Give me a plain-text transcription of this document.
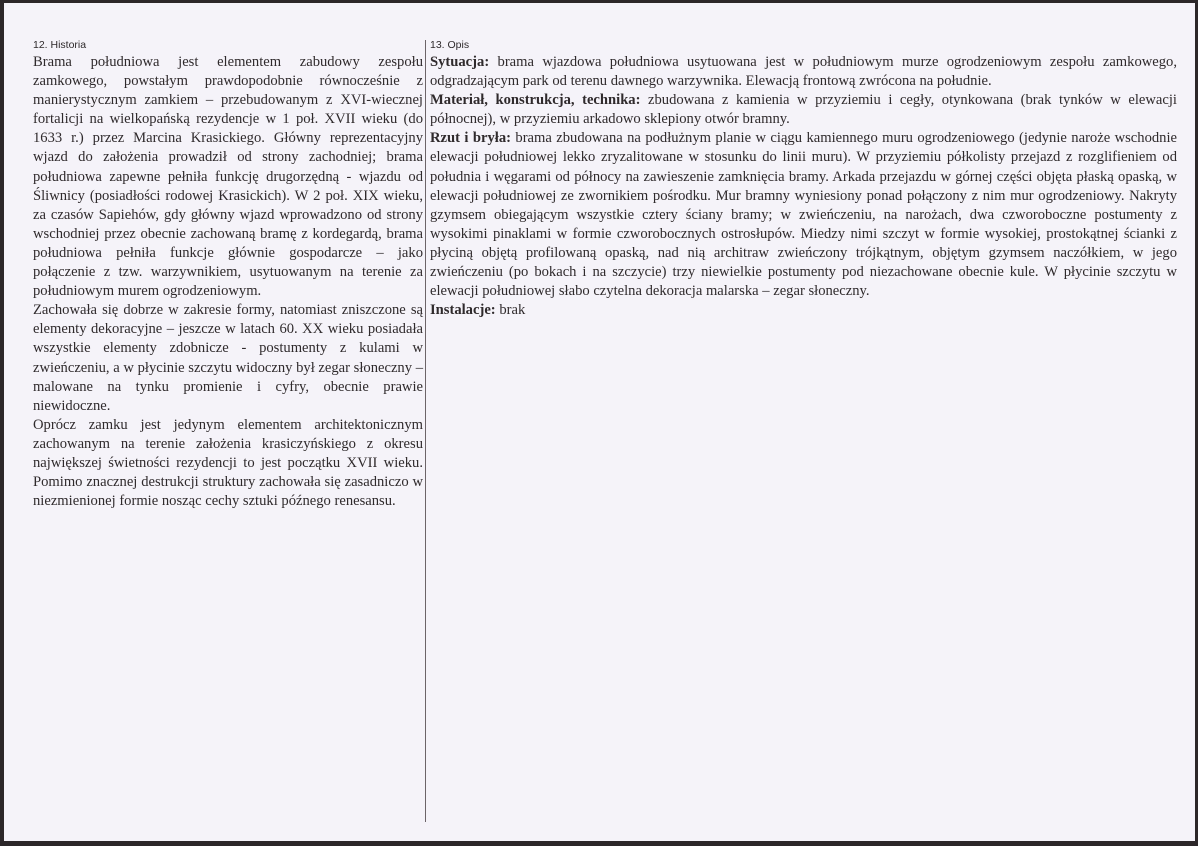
12. Historia

Brama południowa jest elementem zabudowy zespołu zamkowego, powstałym prawdopodobnie równocześnie z manierystycznym zamkiem – przebudowanym z XVI-wiecznej fortalicji na wielkopańską rezydencje w 1 poł. XVII wieku (do 1633 r.) przez Marcina Krasickiego. Główny reprezentacyjny wjazd do założenia prowadził od strony zachodniej; brama południowa zapewne pełniła funkcję drugorzędną - wjazdu od Śliwnicy (posiadłości rodowej Krasickich). W 2 poł. XIX wieku, za czasów Sapiehów, gdy główny wjazd wprowadzono od strony wschodniej przez obecnie zachowaną bramę z kordegardą, brama południowa pełniła funkcje głównie gospodarcze – jako połączenie z tzw. warzywnikiem, usytuowanym na terenie za południowym murem ogrodzeniowym.

Zachowała się dobrze w zakresie formy, natomiast zniszczone są elementy dekoracyjne – jeszcze w latach 60. XX wieku posiadała wszystkie elementy zdobnicze - postumenty z kulami w zwieńczeniu, a w płycinie szczytu widoczny był zegar słoneczny – malowane na tynku promienie i cyfry, obecnie prawie niewidoczne.

Oprócz zamku jest jedynym elementem architektonicznym zachowanym na terenie założenia krasiczyńskiego z okresu największej świetności rezydencji to jest początku XVII wieku. Pomimo znacznej destrukcji struktury zachowała się zasadniczo w niezmienionej formie nosząc cechy sztuki późnego renesansu.

13. Opis

Sytuacja: brama wjazdowa południowa usytuowana jest w południowym murze ogrodzeniowym zespołu zamkowego, odgradzającym park od terenu dawnego warzywnika. Elewacją frontową zwrócona na południe.

Materiał, konstrukcja, technika: zbudowana z kamienia w przyziemiu i cegły, otynkowana (brak tynków w elewacji północnej), w przyziemiu arkadowo sklepiony otwór bramny.

Rzut i bryła: brama zbudowana na podłużnym planie w ciągu kamiennego muru ogrodzeniowego (jedynie naroże wschodnie elewacji południowej lekko zryzalitowane w stosunku do linii muru). W przyziemiu półkolisty przejazd z rozglifieniem od południa i węgarami od północy na zawieszenie zamknięcia bramy. Arkada przejazdu w górnej części objęta płaską opaską, w elewacji południowej ze zwornikiem pośrodku. Mur bramny wyniesiony ponad połączony z nim mur ogrodzeniowy. Nakryty gzymsem obiegającym wszystkie cztery ściany bramy; w zwieńczeniu, na narożach, dwa czworoboczne postumenty z wysokimi pinaklami w formie czworobocznych ostrosłupów. Miedzy nimi szczyt w formie wysokiej, prostokątnej ścianki z płyciną objętą profilowaną opaską, nad nią architraw zwieńczony trójkątnym, objętym gzymsem naczółkiem, w jego zwieńczeniu (po bokach i na szczycie) trzy niewielkie postumenty pod niezachowane obecnie kule. W płycinie szczytu w elewacji południowej słabo czytelna dekoracja malarska – zegar słoneczny.

Instalacje: brak
